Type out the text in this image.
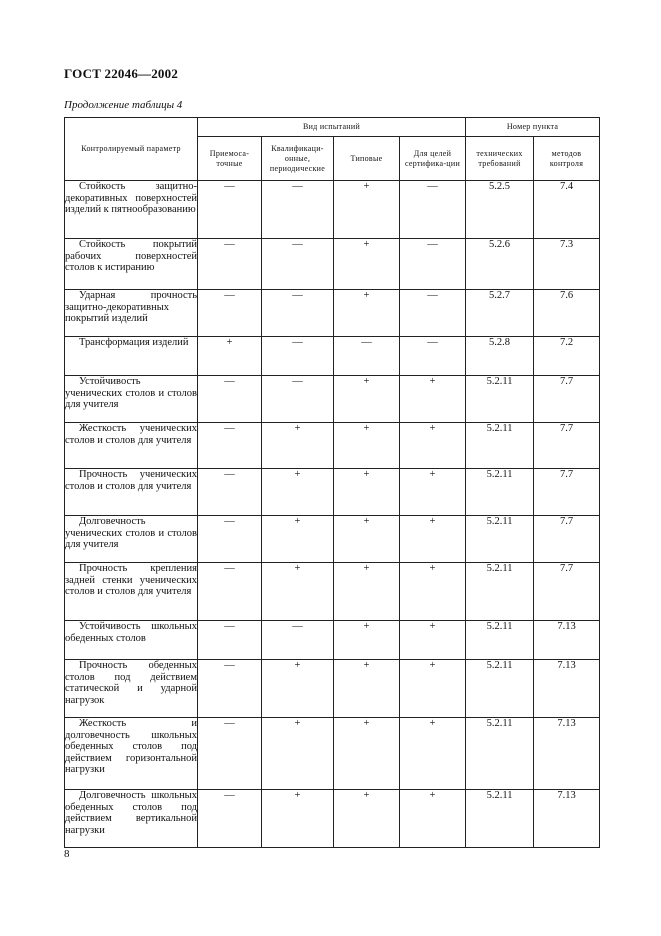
ГОСТ 22046—2002
Продолжение таблицы 4
Контролируемый параметр	Вид испытаний				Номер пункта	
	Приемоса-точные	Квалификаци-онные, периодические	Типовые	Для целей сертифика-ции	технических требований	методов контроля
Стойкость защитно-декоративных поверхностей изделий к пятнообразованию	—	—	+	—	5.2.5	7.4
Стойкость покрытий рабочих поверхностей столов к истиранию	—	—	+	—	5.2.6	7.3
Ударная прочность защитно-декоративных покрытий изделий	—	—	+	—	5.2.7	7.6
Трансформация изделий	+	—	—	—	5.2.8	7.2
Устойчивость ученических столов и столов для учителя	—	—	+	+	5.2.11	7.7
Жесткость ученических столов и столов для учителя	—	+	+	+	5.2.11	7.7
Прочность ученических столов и столов для учителя	—	+	+	+	5.2.11	7.7
Долговечность ученических столов и столов для учителя	—	+	+	+	5.2.11	7.7
Прочность крепления задней стенки ученических столов и столов для учителя	—	+	+	+	5.2.11	7.7
Устойчивость школьных обеденных столов	—	—	+	+	5.2.11	7.13
Прочность обеденных столов под действием статической и ударной нагрузок	—	+	+	+	5.2.11	7.13
Жесткость и долговечность школьных обеденных столов под действием горизонтальной нагрузки	—	+	+	+	5.2.11	7.13
Долговечность школьных обеденных столов под действием вертикальной нагрузки	—	+	+	+	5.2.11	7.13
8
